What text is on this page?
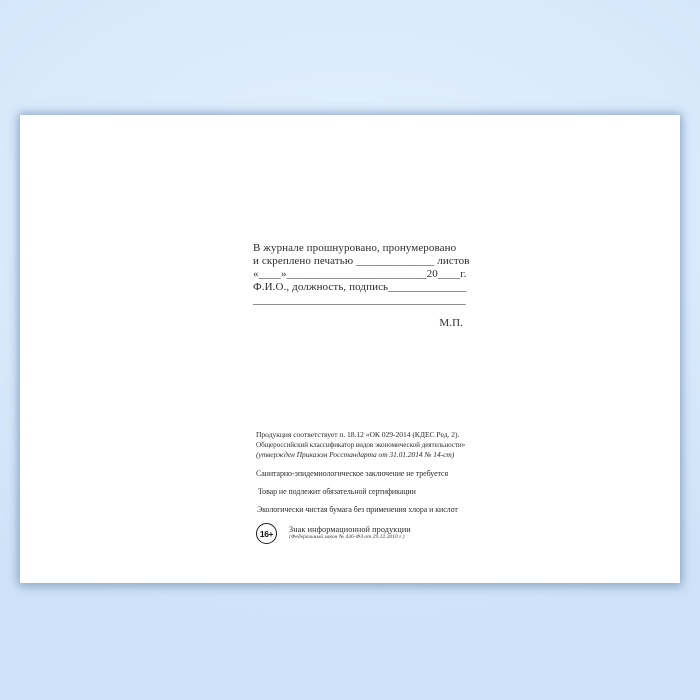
В журнале прошнуровано, пронумеровано
и скреплено печатью ______________ листов
«____»_________________________20____г.
Ф.И.О., должность, подпись______________
______________________________________
М.П.
Продукция соответствует п. 18.12 «ОК 029-2014 (КДЕС Ред. 2).
Общероссийский классификатор видов экономической деятельности»
(утвержден Приказом Росстандарта от 31.01.2014 № 14-ст)
Санитарно-эпидемиологическое заключение не требуется
Товар не подлежит обязательной сертификации
Экологически чистая бумага без применения хлора и кислот
16+ Знак информационной продукции
(Федеральный закон № 436-ФЗ от 29.12.2010 г.)
